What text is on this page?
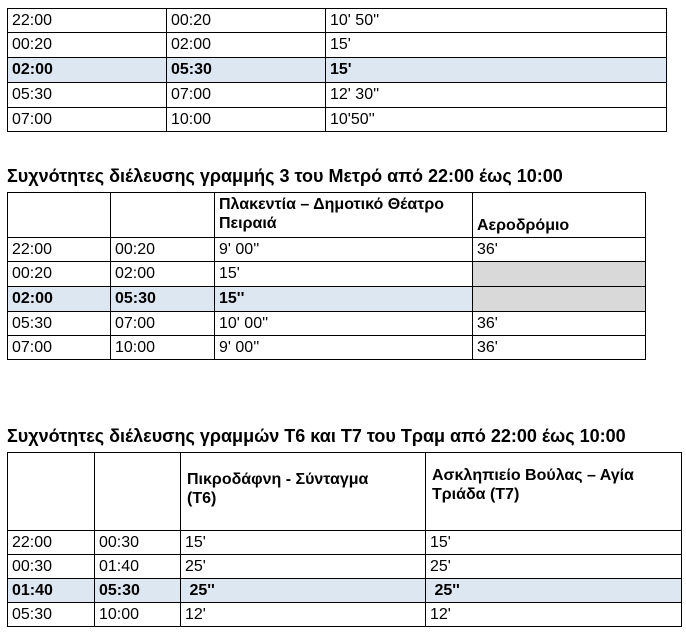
22:00	00:20	10' 50''
00:20	02:00	15'
02:00	05:30	15'
05:30	07:00	12' 30''
07:00	10:00	10'50''
Συχνότητες διέλευσης γραμμής 3 του Μετρό από 22:00 έως 10:00
		Πλακεντία – Δημοτικό Θέατρο Πειραιά	Αεροδρόμιο
22:00	00:20	9' 00''	36'
00:20	02:00	15'	
02:00	05:30	15''	
05:30	07:00	10' 00''	36'
07:00	10:00	9' 00''	36'
Συχνότητες διέλευσης γραμμών Τ6 και Τ7 του Τραμ από 22:00 έως 10:00
		Πικροδάφνη - Σύνταγμα (Τ6)	Ασκληπιείο Βούλας – Αγία Τριάδα (Τ7)
22:00	00:30	15'	15'
00:30	01:40	25'	25'
01:40	05:30	25''	25''
05:30	10:00	12'	12'
